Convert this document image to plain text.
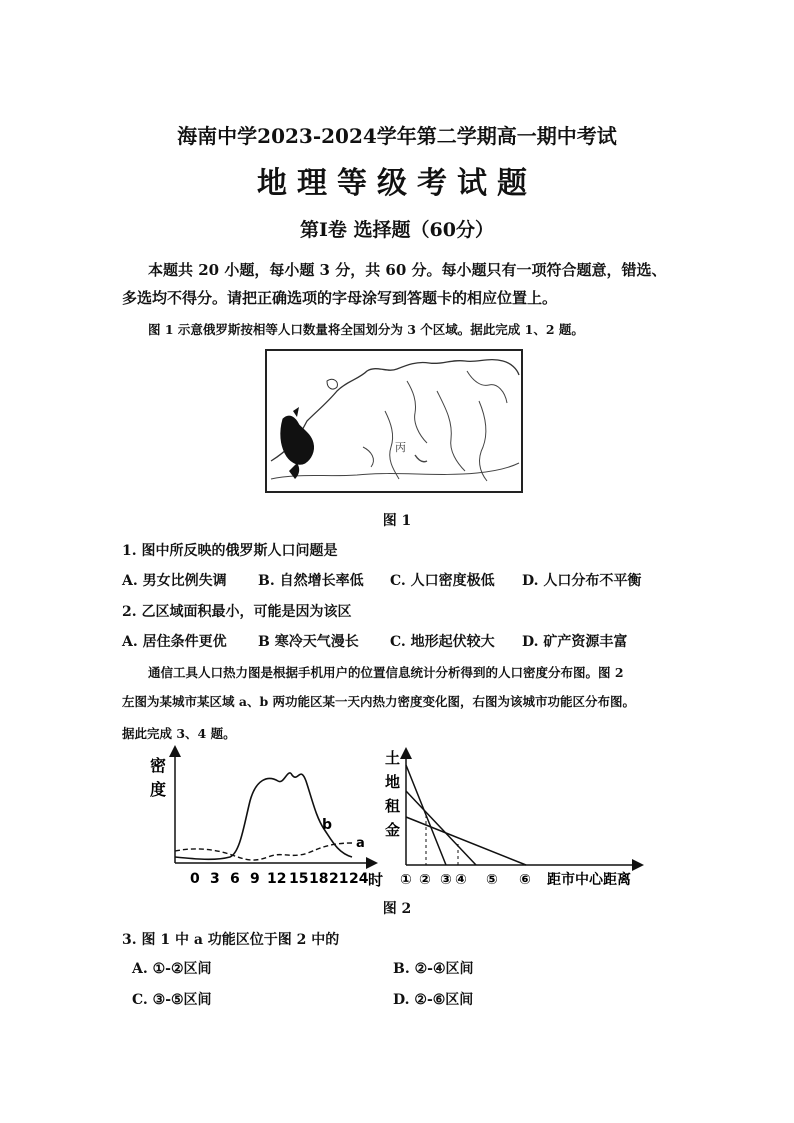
海南中学2023-2024学年第二学期高一期中考试
地理等级考试题
第Ⅰ卷 选择题（60分）
本题共 20 小题，每小题 3 分，共 60 分。每小题只有一项符合题意，错选、
多选均不得分。请把正确选项的字母涂写到答题卡的相应位置上。
图 1 示意俄罗斯按相等人口数量将全国划分为 3 个区域。据此完成 1、2 题。
丙
图 1
1. 图中所反映的俄罗斯人口问题是
A. 男女比例失调 B. 自然增长率低 C. 人口密度极低 D. 人口分布不平衡
2. 乙区域面积最小，可能是因为该区
A. 居住条件更优 B 寒冷天气漫长 C. 地形起伏较大 D. 矿产资源丰富
通信工具人口热力图是根据手机用户的位置信息统计分析得到的人口密度分布图。图 2
左图为某城市某区域 a、b 两功能区某一天内热力密度变化图，右图为该城市功能区分布图。
据此完成 3、4 题。
密
度
b
a
0 3 6 9 12 15 18 21 24 时
土
地
租
金
① ② ③ ④ ⑤ ⑥ 距市中心距离
图 2
3. 图 1 中 a 功能区位于图 2 中的
A. ①-②区间	B. ②-④区间
C. ③-⑤区间	D. ②-⑥区间
